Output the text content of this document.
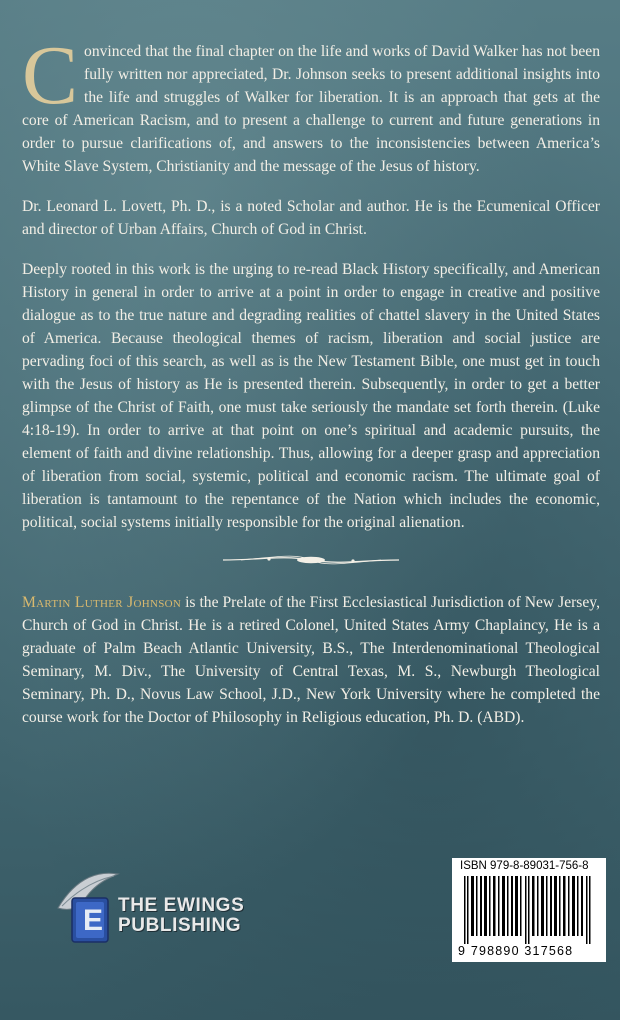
Convinced that the final chapter on the life and works of David Walker has not been fully written nor appreciated, Dr. Johnson seeks to present additional insights into the life and struggles of Walker for liberation. It is an approach that gets at the core of American Racism, and to present a challenge to current and future generations in order to pursue clarifications of, and answers to the inconsistencies between America’s White Slave System, Christianity and the message of the Jesus of history.

Dr. Leonard L. Lovett, Ph. D., is a noted Scholar and author. He is the Ecumenical Officer and director of Urban Affairs, Church of God in Christ.

Deeply rooted in this work is the urging to re-read Black History specifically, and American History in general in order to arrive at a point in order to engage in creative and positive dialogue as to the true nature and degrading realities of chattel slavery in the United States of America. Because theological themes of racism, liberation and social justice are pervading foci of this search, as well as is the New Testament Bible, one must get in touch with the Jesus of history as He is presented therein. Subsequently, in order to get a better glimpse of the Christ of Faith, one must take seriously the mandate set forth therein. (Luke 4:18-19). In order to arrive at that point on one’s spiritual and academic pursuits, the element of faith and divine relationship. Thus, allowing for a deeper grasp and appreciation of liberation from social, systemic, political and economic racism. The ultimate goal of liberation is tantamount to the repentance of the Nation which includes the economic, political, social systems initially responsible for the original alienation.

Martin Luther Johnson is the Prelate of the First Ecclesiastical Jurisdiction of New Jersey, Church of God in Christ. He is a retired Colonel, United States Army Chaplaincy, He is a graduate of Palm Beach Atlantic University, B.S., The Interdenominational Theological Seminary, M. Div., The University of Central Texas, M. S., Newburgh Theological Seminary, Ph. D., Novus Law School, J.D., New York University where he completed the course work for the Doctor of Philosophy in Religious education, Ph. D. (ABD).

E THE EWINGS
PUBLISHING
ISBN 979-8-89031-756-8
9 798890 317568
